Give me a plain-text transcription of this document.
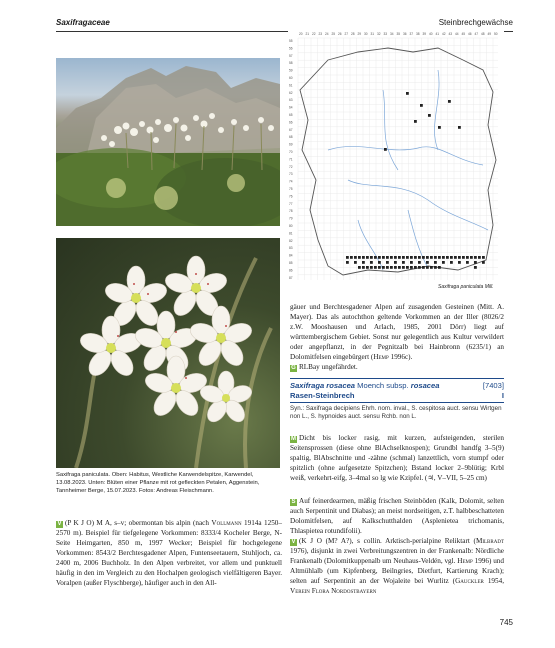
Saxifragaceae	Steinbrechgewächse
Saxifraga paniculata. Oben: Habitus, Westliche Karwendelspitze, Karwendel, 13.08.2023. Unten: Blüten einer Pflanze mit rot gefleckten Petalen, Aggenstein, Tannheimer Berge, 15.07.2023. Fotos: Andreas Fleischmann.
20 21 22 23 24 25 26 27 28 29 30 31 32 33 34 35 36 37 38 39 40 41 42 43 44 45 46 47 48 49 50
55
56
57
58
59
60
61
62
63
64
65
66
67
68
69
70
71
72
73
74
75
76
77
78
79
80
81
82
83
84
85
86
87
Saxifraga paniculata Mill.
V (P K J O) M A, s–v; obermontan bis alpin (nach Vollmann 1914a 1250–2570 m). Beispiel für tiefgelegene Vorkommen: 8333/4 Kocheler Berge, N-Seite Heimgarten, 850 m, 1997 Wecker; Beispiel für hochgelegene Vorkommen: 8543/2 Berchtesgadener Alpen, Funtenseetauern, Stuhljoch, ca. 2400 m, 2006 Buchholz. In den Alpen verbreitet, vor allem und punktuell häufig in den im Vergleich zu den Hochalpen geologisch vielfältigeren Bayer. Voralpen (außer Flyschberge), häufiger auch in den All-
gäuer und Berchtesgadener Alpen auf zusagenden Gesteinen (Mitt. A. Mayer). Das als autochthon geltende Vorkommen an der Iller (8026/2 z.W. Mooshausen und Arlach, 1985, 2001 Dörr) liegt auf württembergischem Gebiet. Sonst nur gelegentlich aus Kultur verwildert oder angepflanzt, in der Pegnitzalb bei Hainbronn (6235/1) an Dolomitfelsen eingebürgert (Hemp 1996c).
G RLBay ungefährdet.
Saxifraga rosacea Moench subsp. rosacea	[7403]
Rasen-Steinbrech	I
Syn.: Saxifraga decipiens Ehrh. nom. inval., S. cespitosa auct. sensu Wirtgen non L., S. hypnoides auct. sensu Rchb. non L.
M Dicht bis locker rasig, mit kurzen, aufsteigenden, sterilen Seitensprossen (diese ohne BlAchselknospen); Grundbl handfg 3–5(9) spaltig, BlAbschnitte und -zähne (schmal) lanzettlich, vorn stumpf oder spitzlich (ohne aufgesetzte Spitzchen); Bstand locker 2–9blütig; Krbl weiß, verkehrt-eifg, 3–4mal so lg wie Kzipfel. (♃, V–VII, 5–25 cm)
S Auf feinerdearmen, mäßig frischen Steinböden (Kalk, Dolomit, selten auch Serpentinit und Diabas); an meist nordseitigen, z.T. halbbeschatteten Dolomitfelsen, auf Kalkschutthalden (Asplenietea trichomanis, Thlaspietea rotundifolii).
V (K J O (M? A?), s collin. Arktisch-perialpine Reliktart (Milbradt 1976), disjunkt in zwei Verbreitungszentren in der Frankenalb: Nördliche Frankenalb (Dolomitkuppenalb um Neuhaus-Veldén, vgl. Hemp 1996) und Altmühlalb (um Kipfenberg, Beilngries, Dietfurt, Kartierung Krach); selten auf Serpentinit an der Wojaleite bei Wurlitz (Gauckler 1954, Verein Flora Nordostbayern
745
